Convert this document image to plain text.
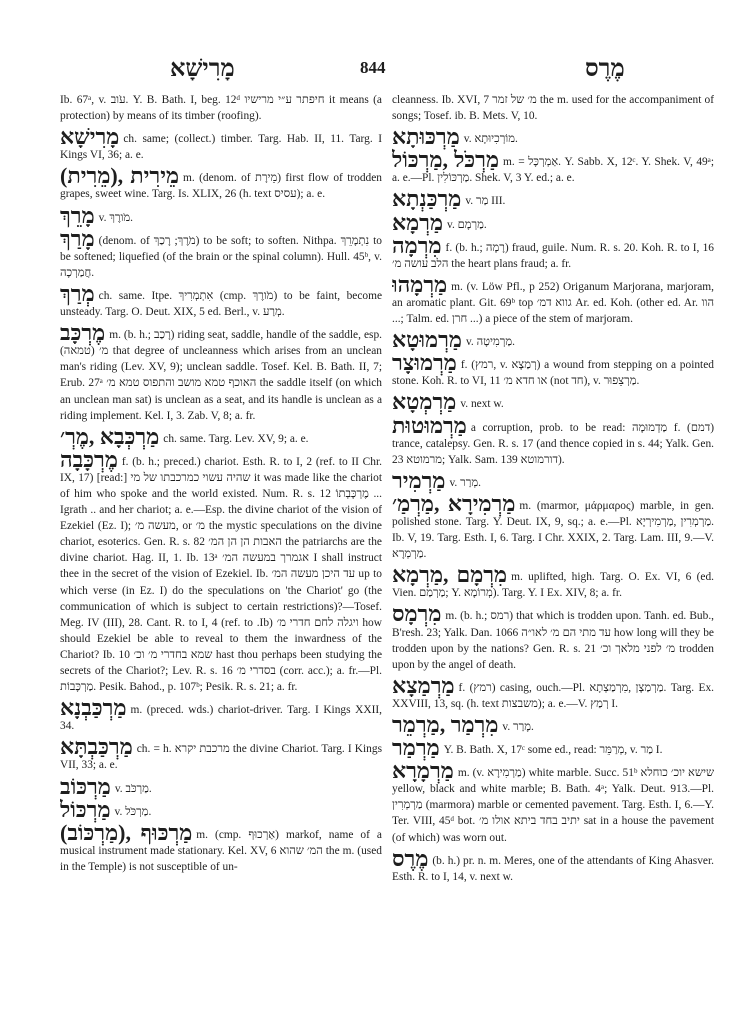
מָרִישָׁא	844	מֶרֶס

Ib. 67ᵃ, v. עֹוב. Y. B. Bath. I, beg. 12ᵈ חיפתר ע״י מרישיו it means (a protection) by means of its timber (roofing).

מָרִישָׁא ch. same; (collect.) timber. Targ. Hab. II, 11. Targ. I Kings VI, 36; a. e.

מֵירִית ,(מֵרִית) m. (denom. of מֵירָת) first flow of trodden grapes, sweet wine. Targ. Is. XLIX, 26 (h. text עסיס); a. e.

מָרֵךְ v. מֹורֶךְ.

מָרַךְ (denom. of מֹרֶךְ; רָכַךְ) to be soft; to soften. Nithpa. נִתְמָרֵךְ to be softened; liquefied (of the brain or the spinal column). Hull. 45ᵇ, v. חֲמַרְכָה.

מְרַךְ ch. same. Itpe. אִתְמְרִיךְ (cmp. מֹורֶךְ) to be faint, become unsteady. Targ. O. Deut. XIX, 5 ed. Berl., v. מְרַע.

מֶרְכָּב m. (b. h.; רָכַב) riding seat, saddle, handle of the saddle, esp. מ׳ (טמאה) that degree of uncleanness which arises from an unclean man's riding (Lev. XV, 9); unclean saddle. Tosef. Kel. B. Bath. II, 7; Erub. 27ᵃ האוכף טמא מושב והתפוס טמא מ׳ the saddle itself (on which an unclean man sat) is unclean as a seat, and its handle is unclean as a riding implement. Kel. I, 3. Zab. V, 8; a. fr.

מַרְכְּבָא ,מֶרְ׳ ch. same. Targ. Lev. XV, 9; a. e.

מֶרְכָּבָה f. (b. h.; preced.) chariot. Esth. R. to I, 2 (ref. to II Chr. IX, 17) [read:] שהיה עשוי כמרכבתו של מי it was made like the chariot of him who spoke and the world existed. Num. R. s. 12 מֶרְכָּבְתוֹ ... Igrath .. and her chariot; a. e.—Esp. the divine chariot of the vision of Ezekiel (Ez. I); מעשה מ׳, or מ׳ the mystic speculations on the divine chariot, esoterics. Gen. R. s. 82 האבות הן הן המ׳ the patriarchs are the divine chariot. Hag. II, 1. Ib. 13ᵃ אגמרך במעשה המ׳ I shall instruct thee in the secret of the vision of Ezekiel. Ib. עד היכן מעשה המ׳ up to which verse (in Ez. I) do the speculations on 'the Chariot' go (the communication of which is subject to certain restrictions)?—Tosef. Meg. IV (III), 28. Cant. R. to I, 4 (ref. to .Ib) ויגלה לחם חדרי מ׳ how should Ezekiel be able to reveal to them the inwardness of the Chariot? Ib. 10 שמא בחדרי מ׳ וכ׳ hast thou perhaps been studying the secrets of the Chariot?; Lev. R. s. 16 בסדרי מ׳ (corr. acc.); a. fr.—Pl. מַרְכָּבוֹת. Pesik. Bahod., p. 107ᵇ; Pesik. R. s. 21; a. fr.

מַרְכַּבְנָא m. (preced. wds.) chariot-driver. Targ. I Kings XXII, 34.

מַרְכַּבְתָּא ch. = h. מרכבת יקרא the divine Chariot. Targ. I Kings VII, 33; a. e.

מַרְכּוֹב v. מַרְכֹּב.

מַרְכּוֹל v. מַרְכֹּל.

מַרְכּוּף ,(מַרְכּוֹב) m. (cmp. אַרְכוּף) markof, name of a musical instrument made stationary. Kel. XV, 6 המ׳ שהוא the m. (used in the Temple) is not susceptible of un-

cleanness. Ib. XVI, 7 מ׳ של זמר the m. used for the accompaniment of songs; Tosef. ib. B. Mets. V, 10.

מַרְכּוּתָא v. מוֹרְכִיוּתָא.

מַרְכֹּל ,מַרְכּוֹל m. = אַמְרְכָּל. Y. Sabb. X, 12ᶜ. Y. Shek. V, 49ᵃ; a. e.—Pl. מַרְכּוֹלִין. Shek. V, 3 Y. ed.; a. e.

מַרְכַּנְתָא v. מַר III.

מַרְמָא v. מַרְמָם.

מִרְמָה f. (b. h.; רָמָה) fraud, guile. Num. R. s. 20. Koh. R. to I, 16 הלב עושה מ׳ the heart plans fraud; a. fr.

מַרְמָהוּ m. (v. Löw Pfl., p 252) Origanum Marjorana, marjoram, an aromatic plant. Git. 69ᵇ top גווא דמ׳ Ar. ed. Koh. (other ed. Ar. הוו ...; Talm. ed. חרן ...) a piece of the stem of marjoram.

מַרְמוּטָא v. מַרְמִיטָה.

מַרְמוּצָר f. (רמץ, v. רְמַצָא) a wound from stepping on a pointed stone. Koh. R. to VI, 11 או חדא מ׳ (not חד), v. מַרְצֵפוּר.

מַרְמְטָא v. next w.

מַרְמוּטוּת a corruption, prob. to be read: מַדְמוּמָה f. (דמם) trance, catalepsy. Gen. R. s. 17 (and thence copied in s. 44; Yalk. Gen. 23 מרמוטא; Yalk. Sam. 139 דורמוטא).

מַרְמִיר v. מְרַר.

מַרְמִירָא ,מַרְמַ׳ m. (marmor, μάρμαρος) marble, in gen. polished stone. Targ. Y. Deut. IX, 9, sq.; a. e.—Pl. מַרְמְרִין ,מַרְמִירְיָא. Ib. V, 19. Targ. Esth. I, 6. Targ. I Chr. XXIX, 2. Targ. Lam. III, 9.—V. מַרְמְרָא.

מִרְמָם ,מַרְמָא m. uplifted, high. Targ. O. Ex. VI, 6 (ed. Vien. מַרְמַם; Y. מְרוֹמָא). Targ. Y. I Ex. XIV, 8; a. fr.

מִרְמָס m. (b. h.; רמס) that which is trodden upon. Tanh. ed. Bub., B'resh. 23; Yalk. Dan. 1066 עד מתי הם מ׳ לאו״ה how long will they be trodden upon by the nations? Gen. R. s. 21 מ׳ לפני מלאך וכ׳ trodden upon by the angel of death.

מַרְמַצָא f. (רמץ) casing, ouch.—Pl. מַרְמַצָן ,מִרְמַצְתָא. Targ. Ex. XXVIII, 13, sq. (h. text משבצות); a. e.—V. רְמַץ I.

מִרְמַר ,מַרְמֵר v. מָרַר.

מַרְמַר Y. B. Bath. X, 17ᶜ some ed., read: מְרַמֵּר, v. מַר I.

מַרְמָרָא m. (v. מַרְמִירָא) white marble. Succ. 51ᵇ שישא יוכ׳ כוחלא yellow, black and white marble; B. Bath. 4ᵃ; Yalk. Deut. 913.—Pl. מַרְמְרִין (marmora) marble or cemented pavement. Targ. Esth. I, 6.—Y. Ter. VIII, 45ᵈ bot. יתיב בחד ביתא אולו מ׳ sat in a house the pavement (of which) was worn out.

מֶרֶס (b. h.) pr. n. m. Meres, one of the attendants of King Ahasver. Esth. R. to I, 14, v. next w.
